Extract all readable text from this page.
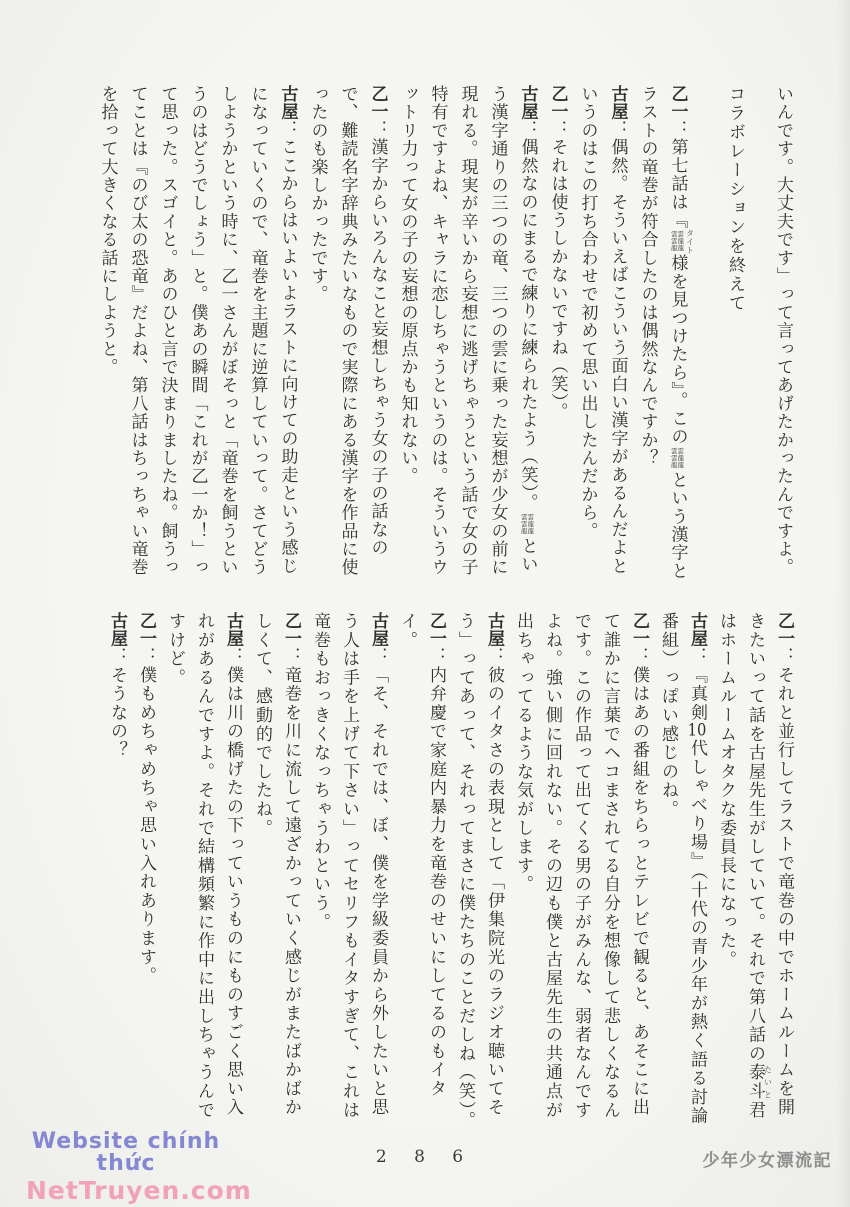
いんです。大丈夫です」って言ってあげたかったんですよ。

コラボレーションを終えて

乙一：第七話は『
雲雲
雲龍
龍龍 タイト様を見つけたら』。この
雲雲
雲龍
龍龍
という漢字とラストの竜巻が符合したのは偶然なんですか？

古屋：偶然。そういえばこういう面白い漢字があるんだよというのはこの打ち合わせで初めて思い出したんだから。

乙一：それは使うしかないですね（笑）。

古屋：偶然なのにまるで練りに練られたよう（笑）。
雲雲
雲龍
龍龍
という漢字通りの三つの竜、三つの雲に乗った妄想が少女の前に現れる。現実が辛いから妄想に逃げちゃうという話で女の子特有ですよね、キャラに恋しちゃうというのは。そういうウットリ力って女の子の妄想の原点かも知れない。

乙一：漢字からいろんなこと妄想しちゃう女の子の話なので、難読名字辞典みたいなもので実際にある漢字を作品に使ったのも楽しかったです。

古屋：ここからはいよいよラストに向けての助走という感じになっていくので、竜巻を主題に逆算していって。さてどうしようかという時に、乙一さんがぼそっと「竜巻を飼うというのはどうでしょう」と。僕あの瞬間「これが乙一か！」って思った。スゴイと。あのひと言で決まりましたね。飼うってことは『のび太の恐竜』だよね、第八話はちっちゃい竜巻を拾って大きくなる話にしようと。

乙一：それと並行してラストで竜巻の中でホームルームを開きたいって話を古屋先生がしていて。それで第八話の泰斗たいと君はホームルームオタクな委員長になった。

古屋：『真剣10代しゃべり場』（十代の青少年が熱く語る討論番組）っぽい感じのね。

乙一：僕はあの番組をちらっとテレビで観ると、あそこに出て誰かに言葉でヘコまされてる自分を想像して悲しくなるんです。この作品って出てくる男の子がみんな、弱者なんですよね。強い側に回れない。その辺も僕と古屋先生の共通点が出ちゃってるような気がします。

古屋：彼のイタさの表現として「伊集院光のラジオ聴いてそう」ってあって、それってまさに僕たちのことだしね（笑）。

乙一：内弁慶で家庭内暴力を竜巻のせいにしてるのもイタイ。

古屋：「そ、それでは、ぼ、僕を学級委員から外したいと思う人は手を上げて下さい」ってセリフもイタすぎて、これは竜巻もおっきくなっちゃうわという。

乙一：竜巻を川に流して遠ざかっていく感じがまたばかばかしくて、感動的でしたね。

古屋：僕は川の橋げたの下っていうものにものすごく思い入れがあるんですよ。それで結構頻繁に作中に出しちゃうんですけど。

乙一：僕もめちゃめちゃ思い入れあります。

古屋：そうなの？

Website chính thức
NetTruyen.com
2 8 6	少年少女漂流記
